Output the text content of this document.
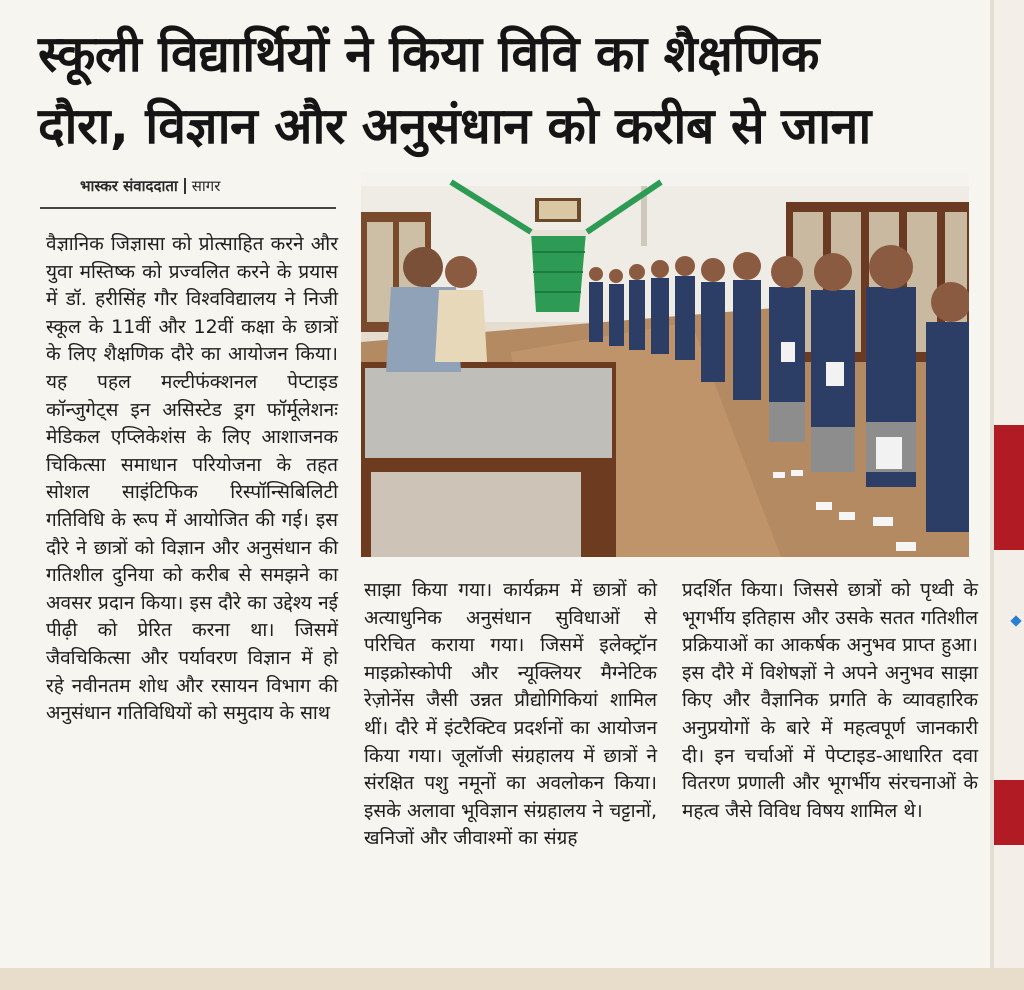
स्कूली विद्यार्थियों ने किया विवि का शैक्षणिक
दौरा, विज्ञान और अनुसंधान को करीब से जाना
भास्कर संवाददाता सागर
वैज्ञानिक जिज्ञासा को प्रोत्साहित करने और युवा मस्तिष्क को प्रज्वलित करने के प्रयास में डॉ. हरीसिंह गौर विश्वविद्यालय ने निजी स्कूल के 11वीं और 12वीं कक्षा के छात्रों के लिए शैक्षणिक दौरे का आयोजन किया। यह पहल मल्टीफंक्शनल पेप्टाइड कॉन्जुगेट्स इन असिस्टेड ड्रग फॉर्मूलेशनः मेडिकल एप्लिकेशंस के लिए आशाजनक चिकित्सा समाधान परियोजना के तहत सोशल साइंटिफिक रिस्पॉन्सिबिलिटी गतिविधि के रूप में आयोजित की गई। इस दौरे ने छात्रों को विज्ञान और अनुसंधान की गतिशील दुनिया को करीब से समझने का अवसर प्रदान किया। इस दौरे का उद्देश्य नई पीढ़ी को प्रेरित करना था। जिसमें जैवचिकित्सा और पर्यावरण विज्ञान में हो रहे नवीनतम शोध और रसायन विभाग की अनुसंधान गतिविधियों को समुदाय के साथ
साझा किया गया। कार्यक्रम में छात्रों को अत्याधुनिक अनुसंधान सुविधाओं से परिचित कराया गया। जिसमें इलेक्ट्रॉन माइक्रोस्कोपी और न्यूक्लियर मैग्नेटिक रेज़ोनेंस जैसी उन्नत प्रौद्योगिकियां शामिल थीं। दौरे में इंटरैक्टिव प्रदर्शनों का आयोजन किया गया। जूलॉजी संग्रहालय में छात्रों ने संरक्षित पशु नमूनों का अवलोकन किया। इसके अलावा भूविज्ञान संग्रहालय ने चट्टानों, खनिजों और जीवाश्मों का संग्रह
प्रदर्शित किया। जिससे छात्रों को पृथ्वी के भूगर्भीय इतिहास और उसके सतत गतिशील प्रक्रियाओं का आकर्षक अनुभव प्राप्त हुआ। इस दौरे में विशेषज्ञों ने अपने अनुभव साझा किए और वैज्ञानिक प्रगति के व्यावहारिक अनुप्रयोगों के बारे में महत्वपूर्ण जानकारी दी। इन चर्चाओं में पेप्टाइड-आधारित दवा वितरण प्रणाली और भूगर्भीय संरचनाओं के महत्व जैसे विविध विषय शामिल थे।
